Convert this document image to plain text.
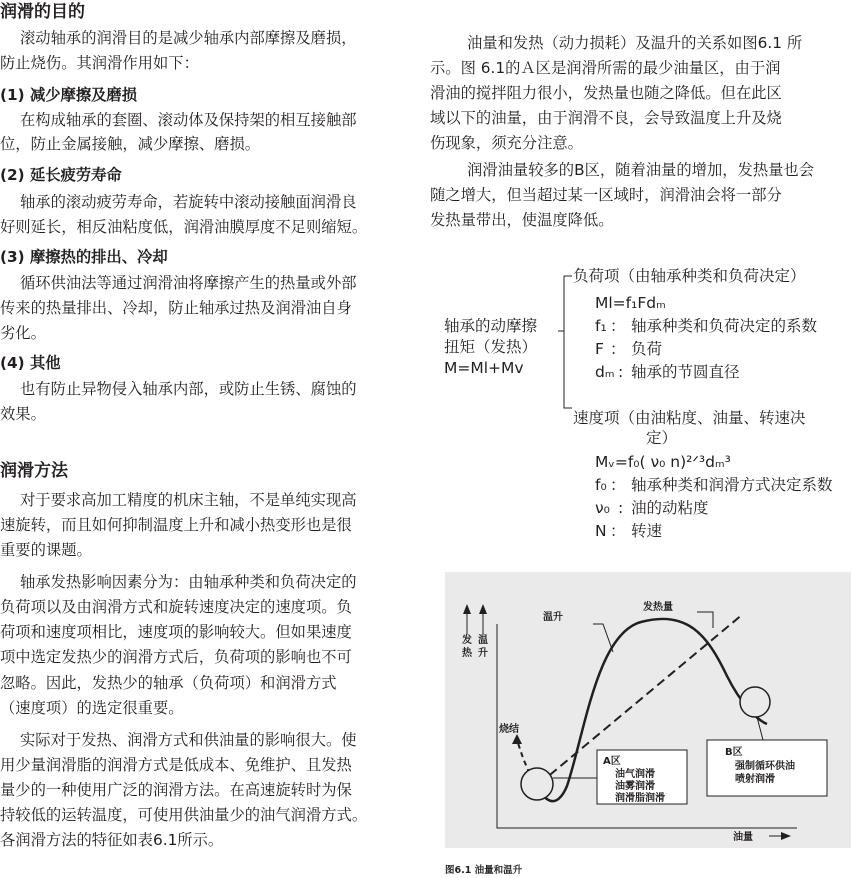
润滑的目的
滚动轴承的润滑目的是减少轴承内部摩擦及磨损，
防止烧伤。其润滑作用如下：
(1) 减少摩擦及磨损
在构成轴承的套圈、滚动体及保持架的相互接触部
位，防止金属接触，减少摩擦、磨损。
(2) 延长疲劳寿命
轴承的滚动疲劳寿命，若旋转中滚动接触面润滑良
好则延长，相反油粘度低，润滑油膜厚度不足则缩短。
(3) 摩擦热的排出、冷却
循环供油法等通过润滑油将摩擦产生的热量或外部
传来的热量排出、冷却，防止轴承过热及润滑油自身
劣化。
(4) 其他
也有防止异物侵入轴承内部，或防止生锈、腐蚀的
效果。
润滑方法
对于要求高加工精度的机床主轴，不是单纯实现高
速旋转，而且如何抑制温度上升和减小热变形也是很
重要的课题。
轴承发热影响因素分为：由轴承种类和负荷决定的
负荷项以及由润滑方式和旋转速度决定的速度项。负
荷项和速度项相比，速度项的影响较大。但如果速度
项中选定发热少的润滑方式后，负荷项的影响也不可
忽略。因此，发热少的轴承（负荷项）和润滑方式
（速度项）的选定很重要。
实际对于发热、润滑方式和供油量的影响很大。使
用少量润滑脂的润滑方式是低成本、免维护、且发热
量少的一种使用广泛的润滑方法。在高速旋转时为保
持较低的运转温度，可使用供油量少的油气润滑方式。
各润滑方法的特征如表6.1所示。
油量和发热（动力损耗）及温升的关系如图6.1 所
示。图 6.1的Ａ区是润滑所需的最少油量区，由于润
滑油的搅拌阻力很小，发热量也随之降低。但在此区
域以下的油量，由于润滑不良，会导致温度上升及烧
伤现象，须充分注意。
润滑油量较多的B区，随着油量的增加，发热量也会
随之增大，但当超过某一区域时，润滑油会将一部分
发热量带出，使温度降低。
轴承的动摩擦
扭矩（发热）
M=Ml+Mv
负荷项（由轴承种类和负荷决定）
Ml=f₁Fdₘ
f₁ ： 轴承种类和负荷决定的系数
F ： 负荷
dₘ : 轴承的节圆直径
速度项（由油粘度、油量、转速决
定）
Mᵥ=f₀( ν₀ n)²ᐟ³dₘ³
f₀ ： 轴承种类和润滑方式决定系数
ν₀ : 油的动粘度
N ： 转速
发
热
温
升
温升
发热量
烧结
油量
A区
油气润滑
油雾润滑
润滑脂润滑
B区
强制循环供油
喷射润滑
图6.1 油量和温升
